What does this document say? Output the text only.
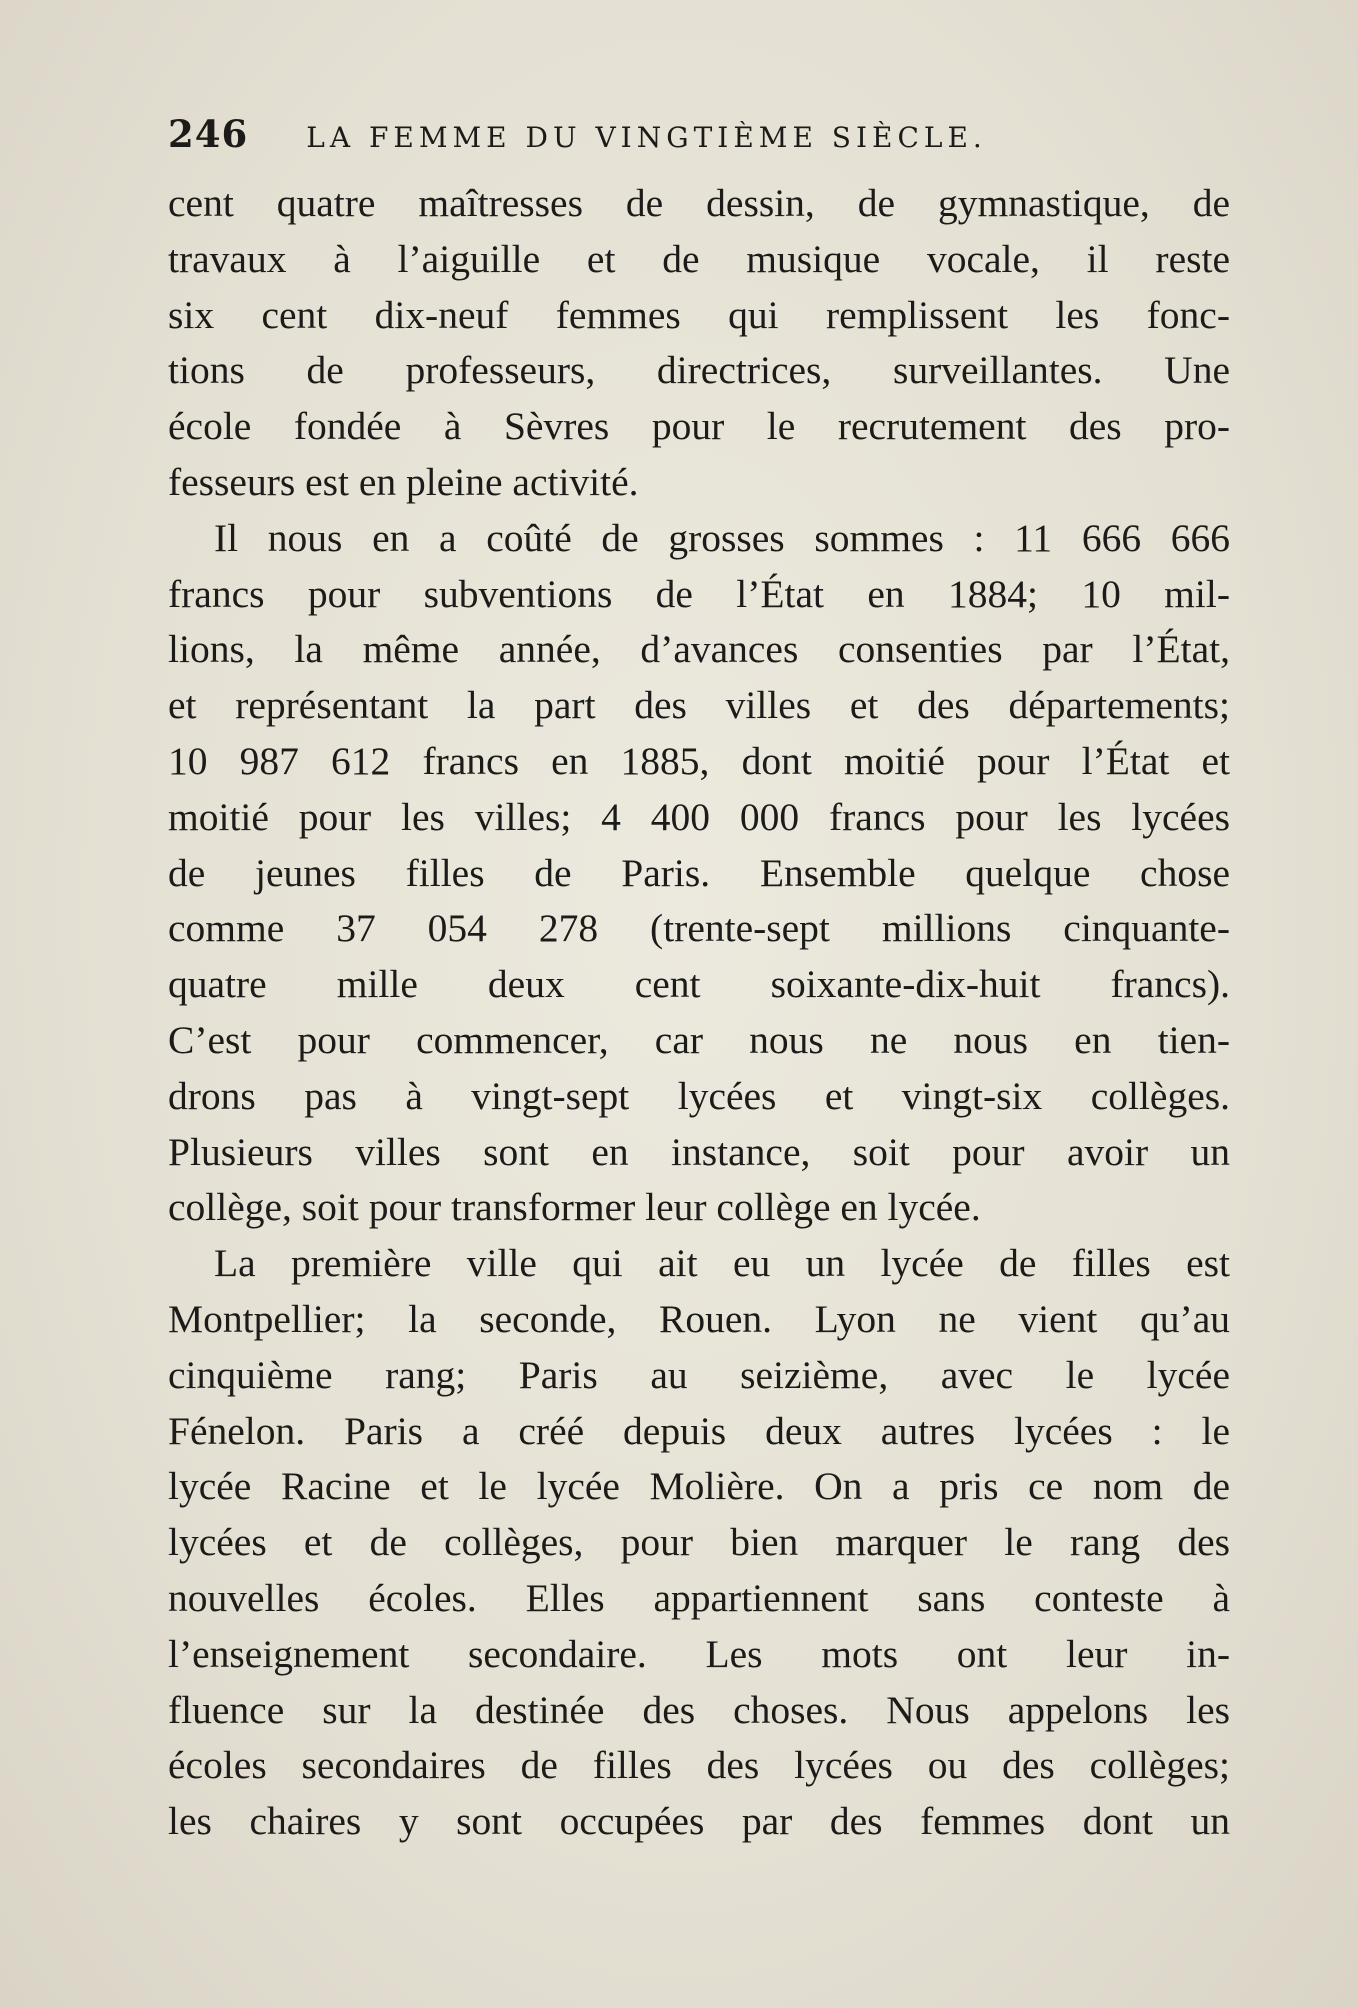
246 LA FEMME DU VINGTIÈME SIÈCLE.
cent quatre maîtresses de dessin, de gymnastique, de
travaux à l’aiguille et de musique vocale, il reste
six cent dix-neuf femmes qui remplissent les fonc-
tions de professeurs, directrices, surveillantes. Une
école fondée à Sèvres pour le recrutement des pro-
fesseurs est en pleine activité.
Il nous en a coûté de grosses sommes : 11 666 666
francs pour subventions de l’État en 1884; 10 mil-
lions, la même année, d’avances consenties par l’État,
et représentant la part des villes et des départements;
10 987 612 francs en 1885, dont moitié pour l’État et
moitié pour les villes; 4 400 000 francs pour les lycées
de jeunes filles de Paris. Ensemble quelque chose
comme 37 054 278 (trente-sept millions cinquante-
quatre mille deux cent soixante-dix-huit francs).
C’est pour commencer, car nous ne nous en tien-
drons pas à vingt-sept lycées et vingt-six collèges.
Plusieurs villes sont en instance, soit pour avoir un
collège, soit pour transformer leur collège en lycée.
La première ville qui ait eu un lycée de filles est
Montpellier; la seconde, Rouen. Lyon ne vient qu’au
cinquième rang; Paris au seizième, avec le lycée
Fénelon. Paris a créé depuis deux autres lycées : le
lycée Racine et le lycée Molière. On a pris ce nom de
lycées et de collèges, pour bien marquer le rang des
nouvelles écoles. Elles appartiennent sans conteste à
l’enseignement secondaire. Les mots ont leur in-
fluence sur la destinée des choses. Nous appelons les
écoles secondaires de filles des lycées ou des collèges;
les chaires y sont occupées par des femmes dont un
